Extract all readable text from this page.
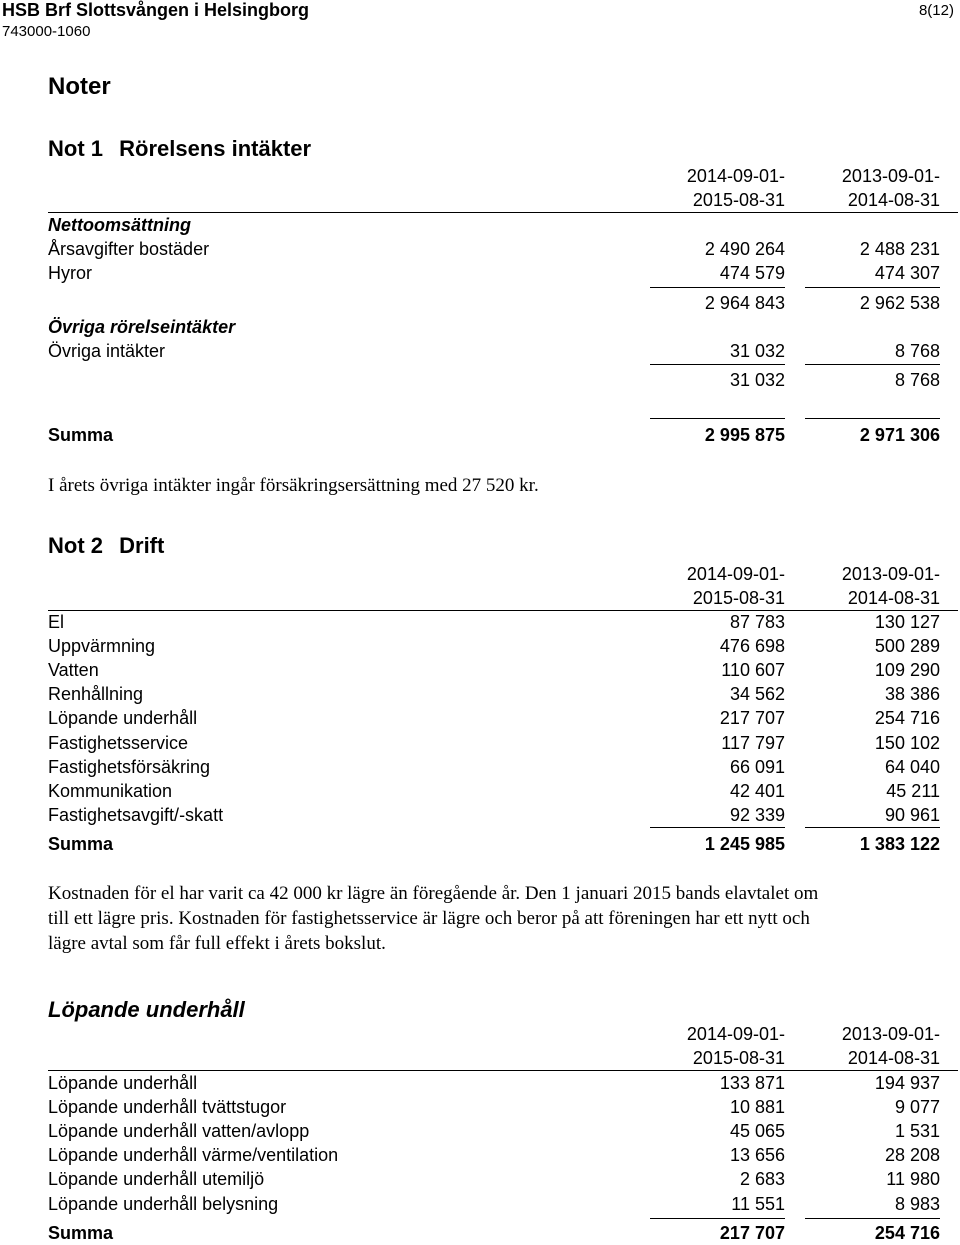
HSB Brf Slottsvången i Helsingborg
743000-1060
8(12)
Noter
Not 1 Rörelsens intäkter
2014-09-01-
2015-08-31
2013-09-01-
2014-08-31
Nettoomsättning
Årsavgifter bostäder	2 490 264	2 488 231
Hyror	474 579	474 307
2 964 843	2 962 538
Övriga rörelseintäkter
Övriga intäkter	31 032	8 768
31 032	8 768
Summa	2 995 875	2 971 306
I årets övriga intäkter ingår försäkringsersättning med 27 520 kr.
Not 2 Drift
2014-09-01-
2015-08-31
2013-09-01-
2014-08-31
El	87 783	130 127
Uppvärmning	476 698	500 289
Vatten	110 607	109 290
Renhållning	34 562	38 386
Löpande underhåll	217 707	254 716
Fastighetsservice	117 797	150 102
Fastighetsförsäkring	66 091	64 040
Kommunikation	42 401	45 211
Fastighetsavgift/-skatt	92 339	90 961
Summa	1 245 985	1 383 122
Kostnaden för el har varit ca 42 000 kr lägre än föregående år. Den 1 januari 2015 bands elavtalet om
till ett lägre pris. Kostnaden för fastighetsservice är lägre och beror på att föreningen har ett nytt och
lägre avtal som får full effekt i årets bokslut.
Löpande underhåll
2014-09-01-
2015-08-31
2013-09-01-
2014-08-31
Löpande underhåll	133 871	194 937
Löpande underhåll tvättstugor	10 881	9 077
Löpande underhåll vatten/avlopp	45 065	1 531
Löpande underhåll värme/ventilation	13 656	28 208
Löpande underhåll utemiljö	2 683	11 980
Löpande underhåll belysning	11 551	8 983
Summa	217 707	254 716
